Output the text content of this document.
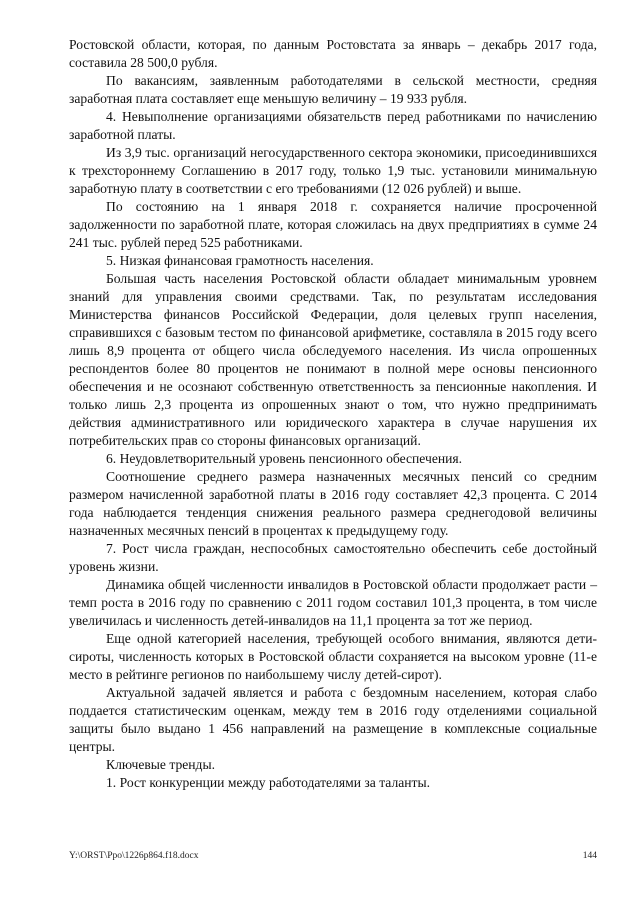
Ростовской области, которая, по данным Ростовстата за январь – декабрь 2017 года, составила 28 500,0 рубля.

По вакансиям, заявленным работодателями в сельской местности, средняя заработная плата составляет еще меньшую величину – 19 933 рубля.

4. Невыполнение организациями обязательств перед работниками по начислению заработной платы.

Из 3,9 тыс. организаций негосударственного сектора экономики, присоединившихся к трехстороннему Соглашению в 2017 году, только 1,9 тыс. установили минимальную заработную плату в соответствии с его требованиями (12 026 рублей) и выше.

По состоянию на 1 января 2018 г. сохраняется наличие просроченной задолженности по заработной плате, которая сложилась на двух предприятиях в сумме 24 241 тыс. рублей перед 525 работниками.

5. Низкая финансовая грамотность населения.

Большая часть населения Ростовской области обладает минимальным уровнем знаний для управления своими средствами. Так, по результатам исследования Министерства финансов Российской Федерации, доля целевых групп населения, справившихся с базовым тестом по финансовой арифметике, составляла в 2015 году всего лишь 8,9 процента от общего числа обследуемого населения. Из числа опрошенных респондентов более 80 процентов не понимают в полной мере основы пенсионного обеспечения и не осознают собственную ответственность за пенсионные накопления. И только лишь 2,3 процента из опрошенных знают о том, что нужно предпринимать действия административного или юридического характера в случае нарушения их потребительских прав со стороны финансовых организаций.

6. Неудовлетворительный уровень пенсионного обеспечения.

Соотношение среднего размера назначенных месячных пенсий со средним размером начисленной заработной платы в 2016 году составляет 42,3 процента. С 2014 года наблюдается тенденция снижения реального размера среднегодовой величины назначенных месячных пенсий в процентах к предыдущему году.

7. Рост числа граждан, неспособных самостоятельно обеспечить себе достойный уровень жизни.

Динамика общей численности инвалидов в Ростовской области продолжает расти – темп роста в 2016 году по сравнению с 2011 годом составил 101,3 процента, в том числе увеличилась и численность детей-инвалидов на 11,1 процента за тот же период.

Еще одной категорией населения, требующей особого внимания, являются дети-сироты, численность которых в Ростовской области сохраняется на высоком уровне (11-е место в рейтинге регионов по наибольшему числу детей-сирот).

Актуальной задачей является и работа с бездомным населением, которая слабо поддается статистическим оценкам, между тем в 2016 году отделениями социальной защиты было выдано 1 456 направлений на размещение в комплексные социальные центры.

Ключевые тренды.

1. Рост конкуренции между работодателями за таланты.

Y:\ORST\Ppo\1226p864.f18.docx	144
